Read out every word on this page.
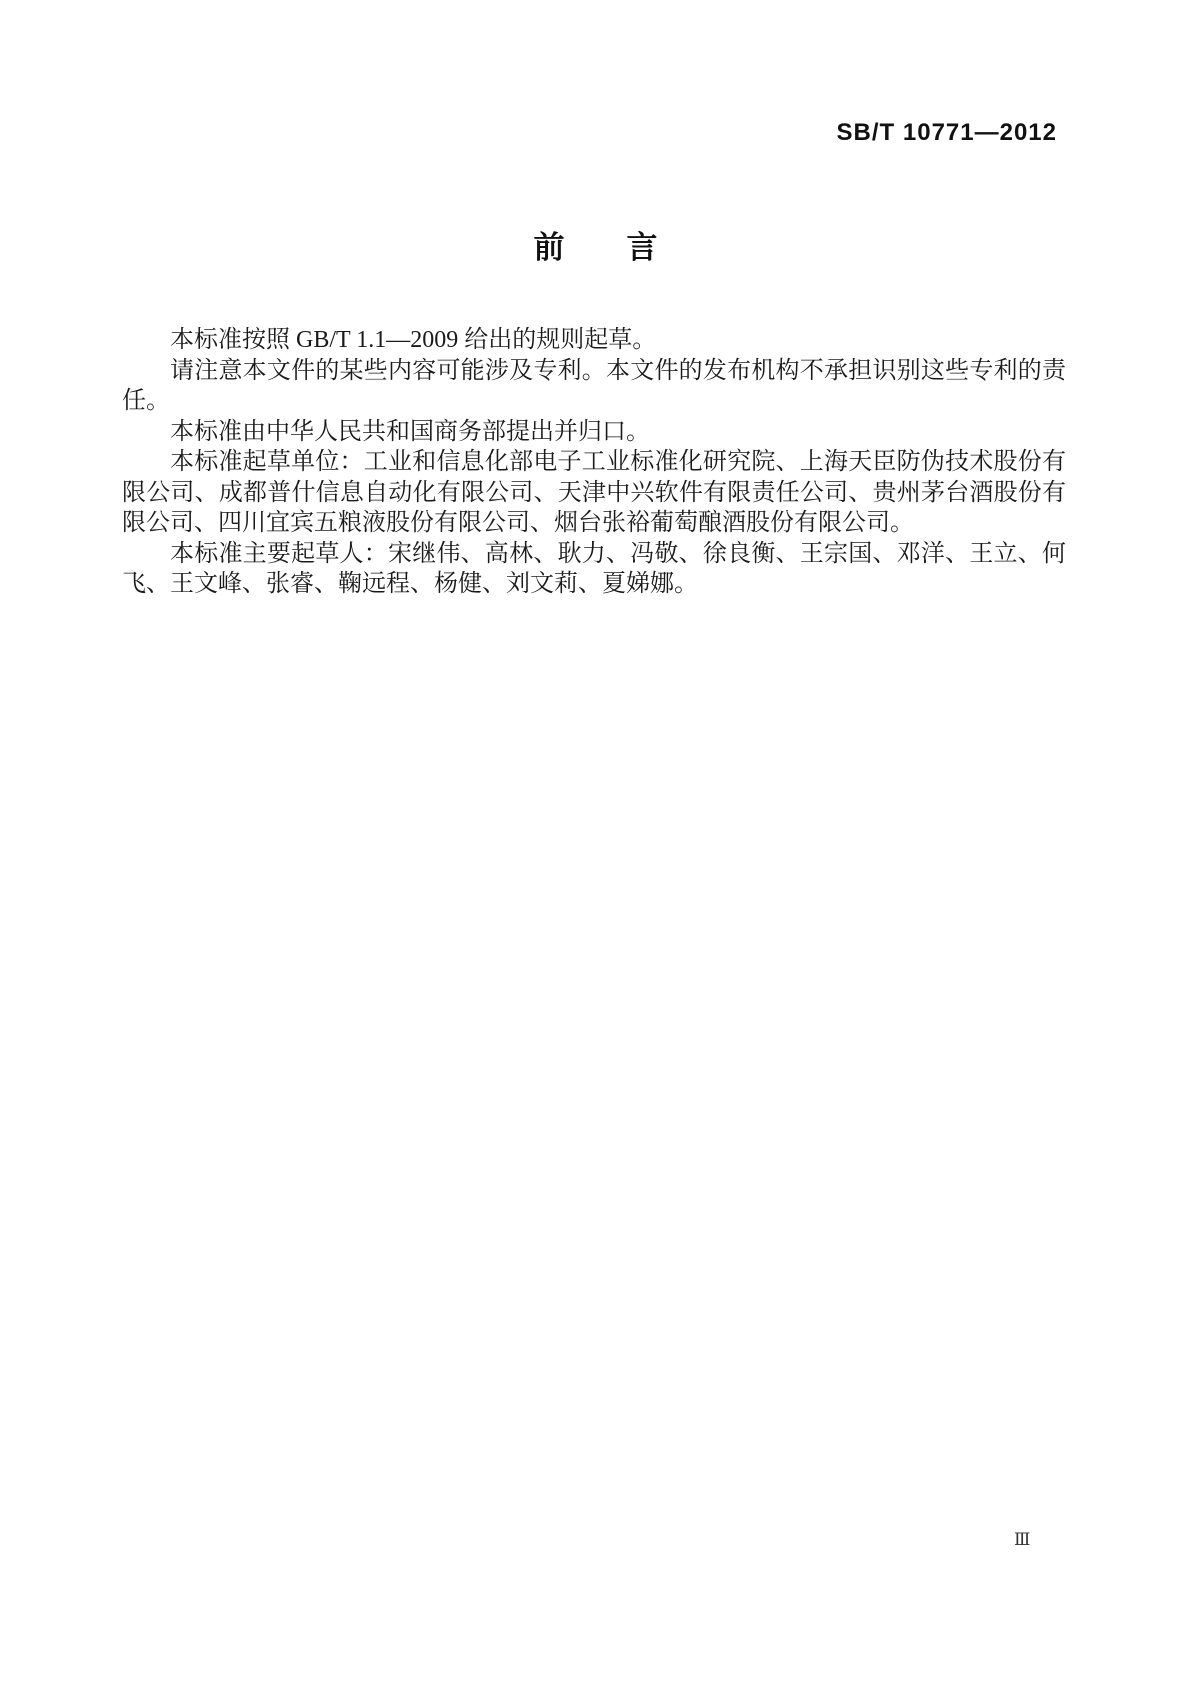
SB/T 10771—2012
前　　言

本标准按照 GB/T 1.1—2009 给出的规则起草。

请注意本文件的某些内容可能涉及专利。本文件的发布机构不承担识别这些专利的责任。

本标准由中华人民共和国商务部提出并归口。

本标准起草单位：工业和信息化部电子工业标准化研究院、上海天臣防伪技术股份有限公司、成都普什信息自动化有限公司、天津中兴软件有限责任公司、贵州茅台酒股份有限公司、四川宜宾五粮液股份有限公司、烟台张裕葡萄酿酒股份有限公司。

本标准主要起草人：宋继伟、高林、耿力、冯敬、徐良衡、王宗国、邓洋、王立、何飞、王文峰、张睿、鞠远程、杨健、刘文莉、夏娣娜。

Ⅲ
